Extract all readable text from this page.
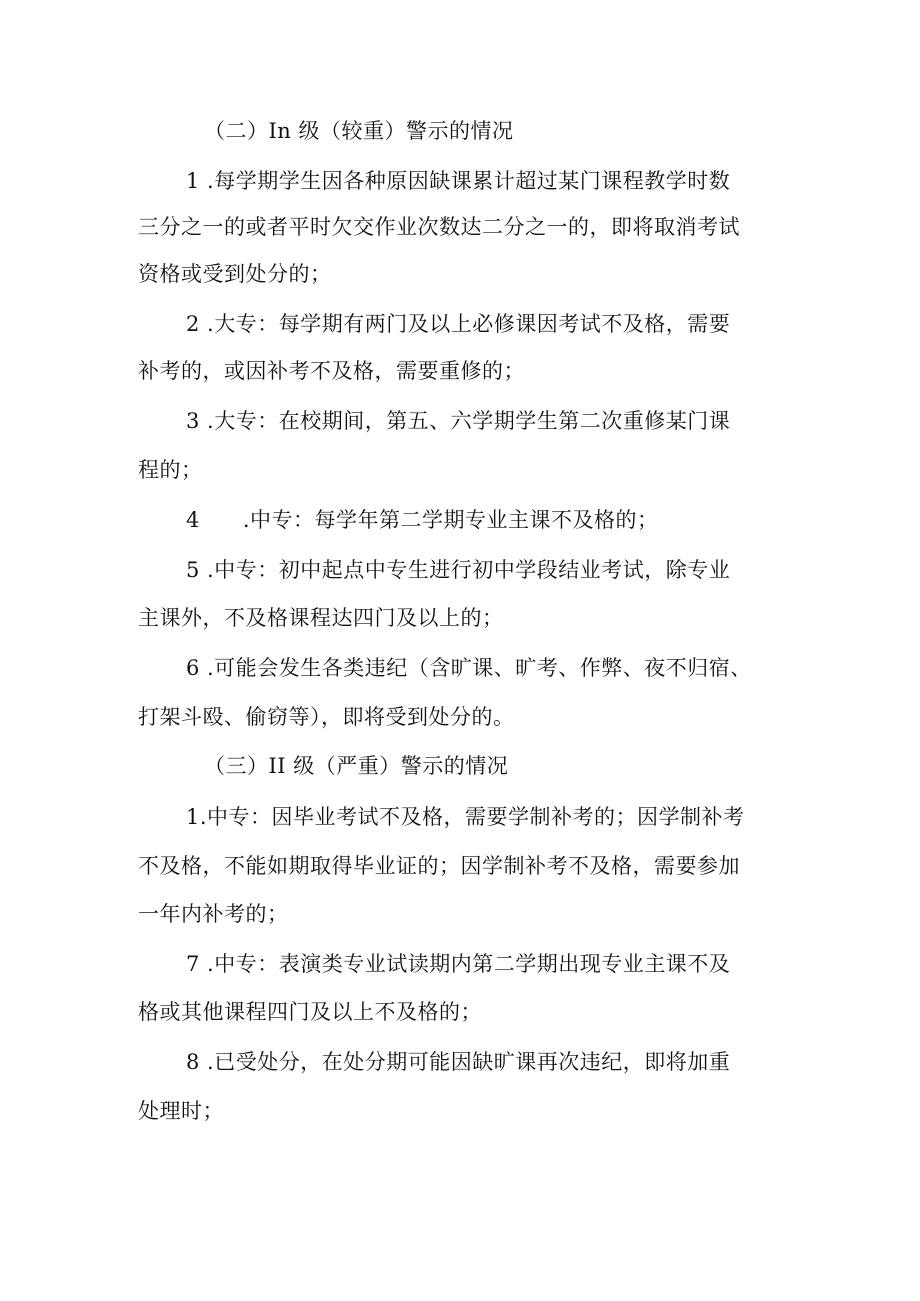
（二）In 级（较重）警示的情况
1 .每学期学生因各种原因缺课累计超过某门课程教学时数
三分之一的或者平时欠交作业次数达二分之一的，即将取消考试
资格或受到处分的；
2 .大专：每学期有两门及以上必修课因考试不及格，需要
补考的，或因补考不及格，需要重修的；
3 .大专：在校期间，第五、六学期学生第二次重修某门课
程的；
4　　.中专：每学年第二学期专业主课不及格的；
5 .中专：初中起点中专生进行初中学段结业考试，除专业
主课外，不及格课程达四门及以上的；
6 .可能会发生各类违纪（含旷课、旷考、作弊、夜不归宿、
打架斗殴、偷窃等），即将受到处分的。
（三）II 级（严重）警示的情况
1.中专：因毕业考试不及格，需要学制补考的；因学制补考
不及格，不能如期取得毕业证的；因学制补考不及格，需要参加
一年内补考的；
7 .中专：表演类专业试读期内第二学期出现专业主课不及
格或其他课程四门及以上不及格的；
8 .已受处分，在处分期可能因缺旷课再次违纪，即将加重
处理时；
